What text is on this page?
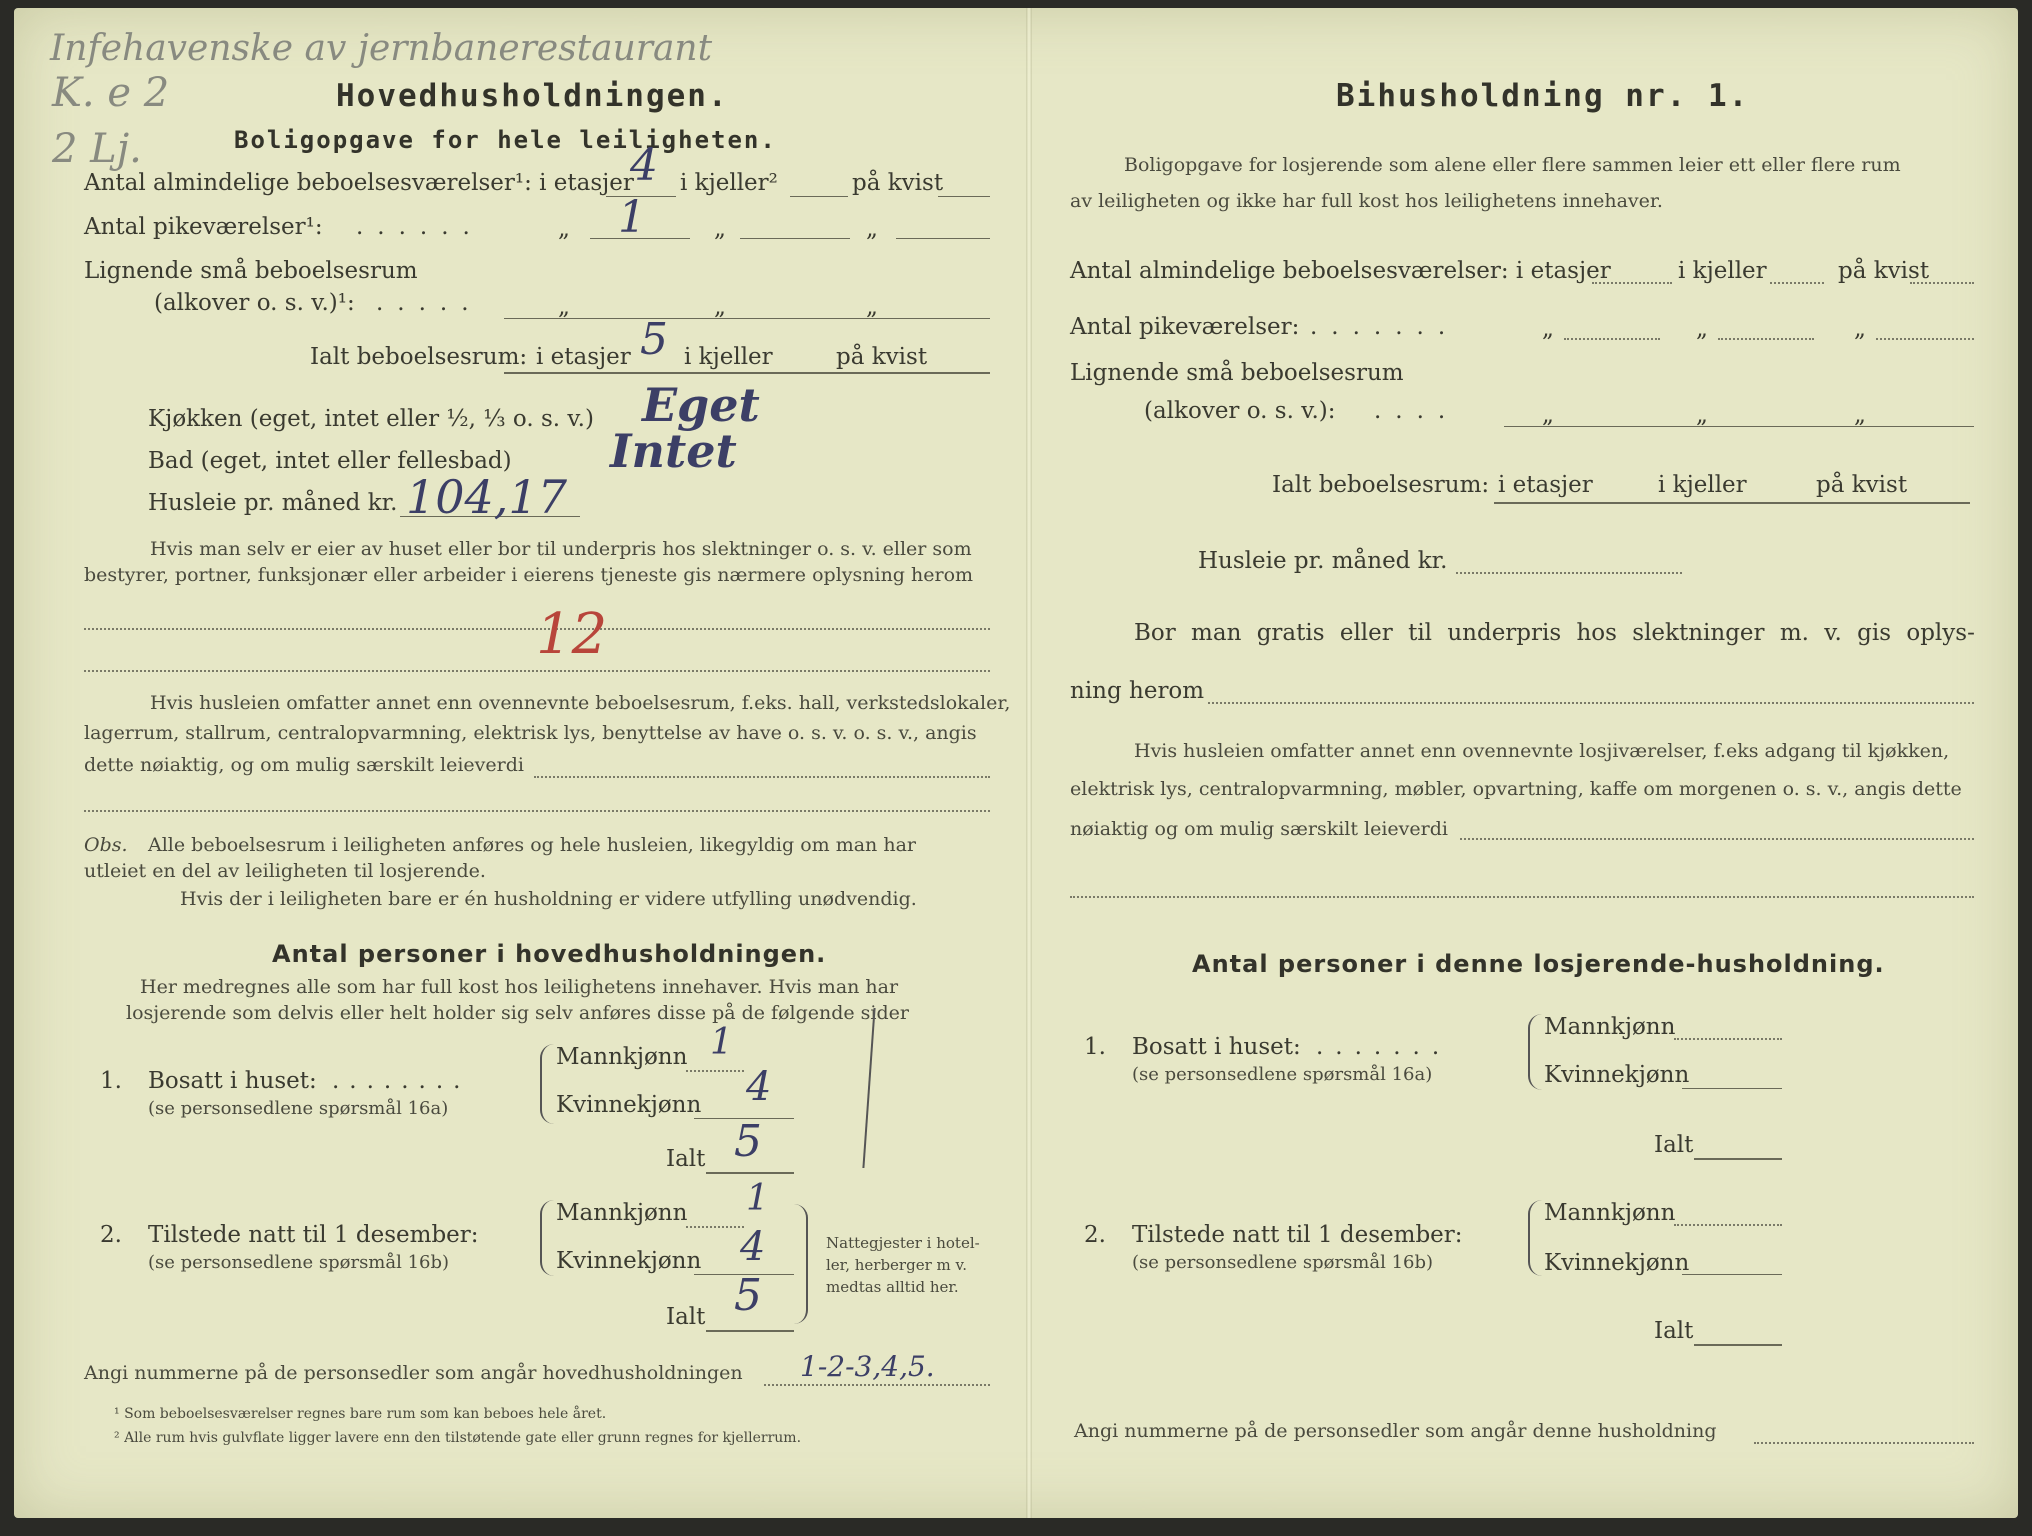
Infehavenske av jernbanerestaurant
K. e 2
2 Lj.
Hovedhusholdningen.
Boligopgave for hele leiligheten.
Antal almindelige beboelsesværelser¹: i etasjer
4 i kjeller²	på kvist
Antal pikeværelser¹: ......	„ 1	„	„
Lignende små beboelsesrum
(alkover o. s. v.)¹: .....	„	„	„
Ialt beboelsesrum: i etasjer 5 i kjeller	på kvist
Kjøkken (eget, intet eller ½, ⅓ o. s. v.) Eget
Bad (eget, intet eller fellesbad) Intet
Husleie pr. måned kr. 104,17
Hvis man selv er eier av huset eller bor til underpris hos slektninger o. s. v. eller som
bestyrer, portner, funksjonær eller arbeider i eierens tjeneste gis nærmere oplysning herom
12
Hvis husleien omfatter annet enn ovennevnte beboelsesrum, f.eks. hall, verkstedslokaler,
lagerrum, stallrum, centralopvarmning, elektrisk lys, benyttelse av have o. s. v. o. s. v., angis
dette nøiaktig, og om mulig særskilt leieverdi
Obs. Alle beboelsesrum i leiligheten anføres og hele husleien, likegyldig om man har
utleiet en del av leiligheten til losjerende.
Hvis der i leiligheten bare er én husholdning er videre utfylling unødvendig.
Antal personer i hovedhusholdningen.
Her medregnes alle som har full kost hos leilighetens innehaver. Hvis man har
losjerende som delvis eller helt holder sig selv anføres disse på de følgende sider
1. Bosatt i huset: ........
(se personsedlene spørsmål 16a)
Mannkjønn 1
Kvinnekjønn 4
Ialt 5
2. Tilstede natt til 1 desember:
(se personsedlene spørsmål 16b)
Mannkjønn 1
Kvinnekjønn 4
Ialt 5
Nattegjester i hotel-
ler, herberger m v.
medtas alltid her.
Angi nummerne på de personsedler som angår hovedhusholdningen 1-2-3,4,5.
¹ Som beboelsesværelser regnes bare rum som kan beboes hele året.
² Alle rum hvis gulvflate ligger lavere enn den tilstøtende gate eller grunn regnes for kjellerrum.
Bihusholdning nr. 1.
Boligopgave for losjerende som alene eller flere sammen leier ett eller flere rum
av leiligheten og ikke har full kost hos leilighetens innehaver.
Antal almindelige beboelsesværelser: i etasjer	i kjeller	på kvist
Antal pikeværelser: .......	„	„	„
Lignende små beboelsesrum
(alkover o. s. v.): ....	„	„	„
Ialt beboelsesrum: i etasjer	i kjeller	på kvist
Husleie pr. måned kr.
Bor man gratis eller til underpris hos slektninger m. v. gis oplys-
ning herom
Hvis husleien omfatter annet enn ovennevnte losjiværelser, f.eks adgang til kjøkken,
elektrisk lys, centralopvarmning, møbler, opvartning, kaffe om morgenen o. s. v., angis dette
nøiaktig og om mulig særskilt leieverdi
Antal personer i denne losjerende-husholdning.
1. Bosatt i huset: .......
(se personsedlene spørsmål 16a)
Mannkjønn
Kvinnekjønn
Ialt
2. Tilstede natt til 1 desember:
(se personsedlene spørsmål 16b)
Mannkjønn
Kvinnekjønn
Ialt
Angi nummerne på de personsedler som angår denne husholdning
